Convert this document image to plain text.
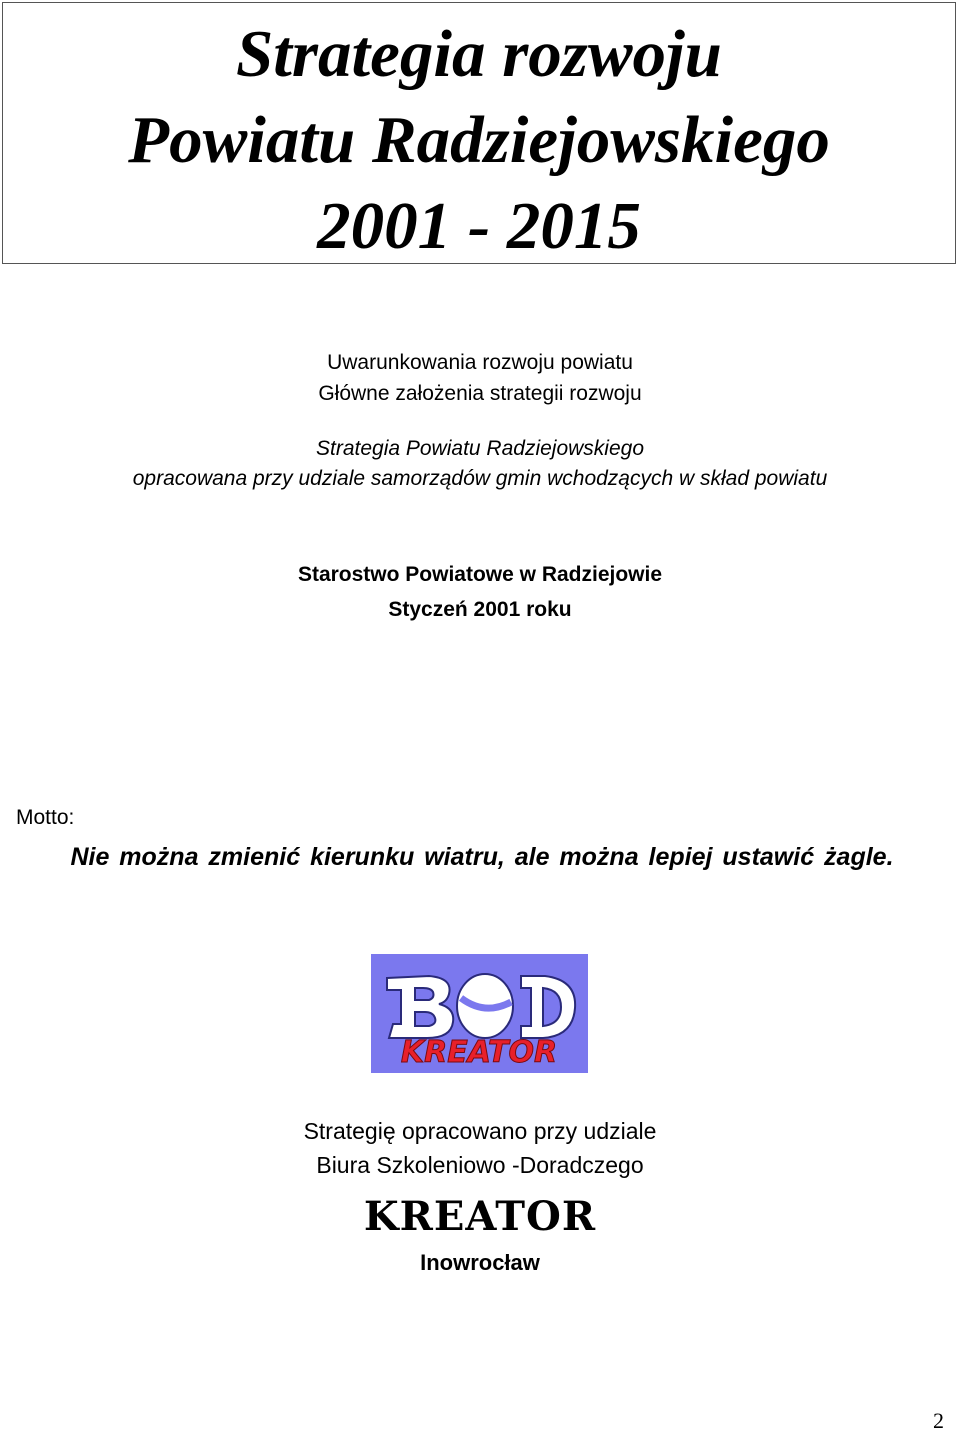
Strategia rozwoju
Powiatu Radziejowskiego
2001 - 2015
Uwarunkowania rozwoju powiatu
Główne założenia strategii rozwoju
Strategia Powiatu Radziejowskiego
opracowana przy udziale samorządów gmin wchodzących w skład powiatu
Starostwo Powiatowe w Radziejowie
Styczeń 2001 roku
Motto:
Nie można zmienić kierunku wiatru, ale można lepiej ustawić żagle.
KREATOR
Strategię opracowano przy udziale
Biura Szkoleniowo -Doradczego
KREATOR
Inowrocław
2
